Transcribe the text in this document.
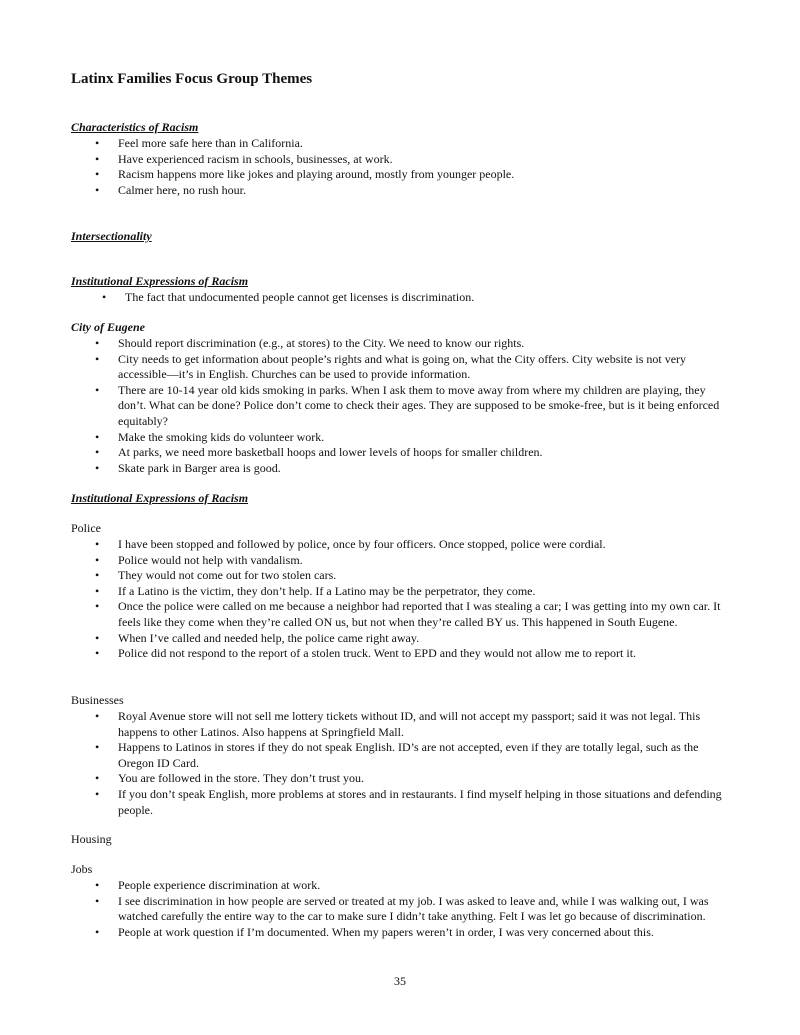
Latinx Families Focus Group Themes

Characteristics of Racism

• Feel more safe here than in California.
• Have experienced racism in schools, businesses, at work.
• Racism happens more like jokes and playing around, mostly from younger people.
• Calmer here, no rush hour.

Intersectionality

Institutional Expressions of Racism

• The fact that undocumented people cannot get licenses is discrimination.

City of Eugene

• Should report discrimination (e.g., at stores) to the City. We need to know our rights.
• City needs to get information about people’s rights and what is going on, what the City offers. City website is not very accessible—it’s in English. Churches can be used to provide information.
• There are 10-14 year old kids smoking in parks. When I ask them to move away from where my children are playing, they don’t. What can be done? Police don’t come to check their ages. They are supposed to be smoke-free, but is it being enforced equitably?
• Make the smoking kids do volunteer work.
• At parks, we need more basketball hoops and lower levels of hoops for smaller children.
• Skate park in Barger area is good.

Institutional Expressions of Racism

Police

• I have been stopped and followed by police, once by four officers. Once stopped, police were cordial.
• Police would not help with vandalism.
• They would not come out for two stolen cars.
• If a Latino is the victim, they don’t help. If a Latino may be the perpetrator, they come.
• Once the police were called on me because a neighbor had reported that I was stealing a car; I was getting into my own car. It feels like they come when they’re called ON us, but not when they’re called BY us. This happened in South Eugene.
• When I’ve called and needed help, the police came right away.
• Police did not respond to the report of a stolen truck. Went to EPD and they would not allow me to report it.

Businesses

• Royal Avenue store will not sell me lottery tickets without ID, and will not accept my passport; said it was not legal. This happens to other Latinos. Also happens at Springfield Mall.
• Happens to Latinos in stores if they do not speak English. ID’s are not accepted, even if they are totally legal, such as the Oregon ID Card.
• You are followed in the store. They don’t trust you.
• If you don’t speak English, more problems at stores and in restaurants. I find myself helping in those situations and defending people.

Housing

Jobs

• People experience discrimination at work.
• I see discrimination in how people are served or treated at my job. I was asked to leave and, while I was walking out, I was watched carefully the entire way to the car to make sure I didn’t take anything. Felt I was let go because of discrimination.
• People at work question if I’m documented. When my papers weren’t in order, I was very concerned about this.

35
